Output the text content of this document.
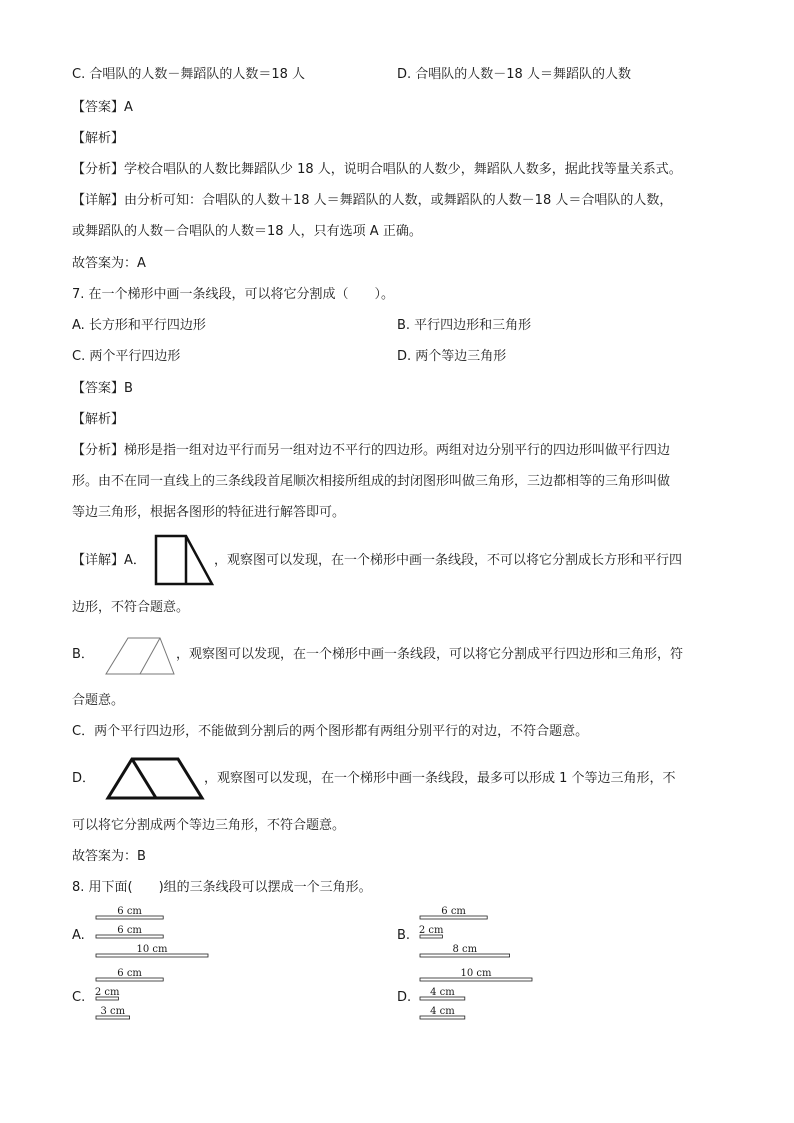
C. 合唱队的人数－舞蹈队的人数＝18 人	D. 合唱队的人数－18 人＝舞蹈队的人数
【答案】A
【解析】
【分析】学校合唱队的人数比舞蹈队少 18 人，说明合唱队的人数少，舞蹈队人数多，据此找等量关系式。
【详解】由分析可知：合唱队的人数＋18 人＝舞蹈队的人数，或舞蹈队的人数－18 人＝合唱队的人数，
或舞蹈队的人数－合唱队的人数＝18 人，只有选项 A 正确。
故答案为：A
7. 在一个梯形中画一条线段，可以将它分割成（　　）。
A. 长方形和平行四边形	B. 平行四边形和三角形
C. 两个平行四边形	D. 两个等边三角形
【答案】B
【解析】
【分析】梯形是指一组对边平行而另一组对边不平行的四边形。两组对边分别平行的四边形叫做平行四边
形。由不在同一直线上的三条线段首尾顺次相接所组成的封闭图形叫做三角形，三边都相等的三角形叫做
等边三角形，根据各图形的特征进行解答即可。
【详解】A．	，观察图可以发现，在一个梯形中画一条线段，不可以将它分割成长方形和平行四
边形，不符合题意。
B．	，观察图可以发现，在一个梯形中画一条线段，可以将它分割成平行四边形和三角形，符
合题意。
C．两个平行四边形，不能做到分割后的两个图形都有两组分别平行的对边，不符合题意。
D．	，观察图可以发现，在一个梯形中画一条线段，最多可以形成 1 个等边三角形，不
可以将它分割成两个等边三角形，不符合题意。
故答案为：B
8. 用下面(　　)组的三条线段可以摆成一个三角形。
A.
6 cm
6 cm
10 cm
B.
6 cm
2 cm
8 cm
C.
6 cm
2 cm
3 cm
D.
10 cm
4 cm
4 cm
